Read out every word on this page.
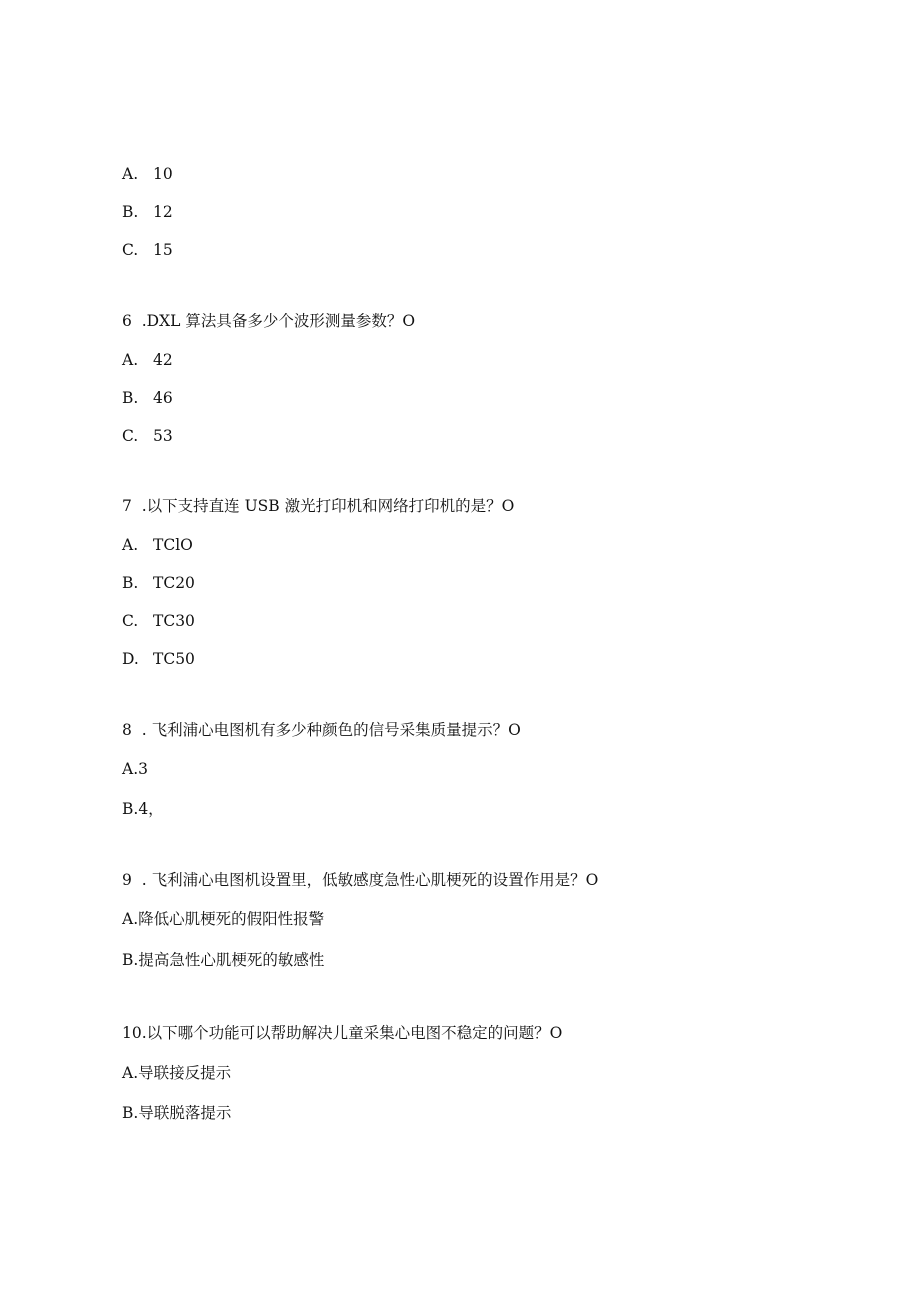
A. 10
B. 12
C. 15
6  .DXL 算法具备多少个波形测量参数？O
A. 42
B. 46
C. 53
7  .以下支持直连 USB 激光打印机和网络打印机的是？O
A. TClO
B. TC20
C. TC30
D. TC50
8  . 飞利浦心电图机有多少种颜色的信号采集质量提示？O
A.3
B.4，
9  . 飞利浦心电图机设置里，低敏感度急性心肌梗死的设置作用是？O
A.降低心肌梗死的假阳性报警
B.提高急性心肌梗死的敏感性
10.以下哪个功能可以帮助解决儿童采集心电图不稳定的问题？O
A.导联接反提示
B.导联脱落提示
